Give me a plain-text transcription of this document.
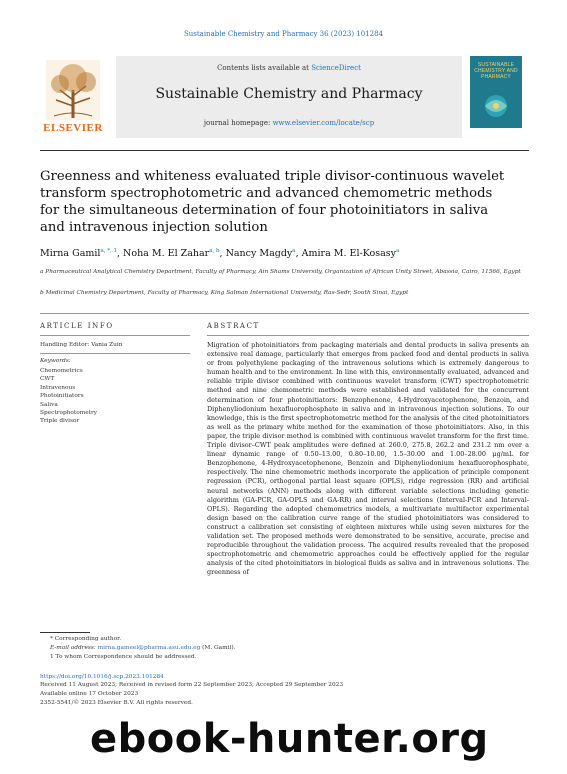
Sustainable Chemistry and Pharmacy 36 (2023) 101284
ELSEVIER
Contents lists available at ScienceDirect
Sustainable Chemistry and Pharmacy
journal homepage: www.elsevier.com/locate/scp
SUSTAINABLE CHEMISTRY AND PHARMACY
Greenness and whiteness evaluated triple divisor-continuous wavelet transform spectrophotometric and advanced chemometric methods for the simultaneous determination of four photoinitiators in saliva and intravenous injection solution
Mirna Gamil$^{a, *, 1}$, Noha M. El Zahar$^{a, b}$, Nancy Magdy$^a$, Amira M. El-Kosasy$^a$
a Pharmaceutical Analytical Chemistry Department, Faculty of Pharmacy, Ain Shams University, Organization of African Unity Street, Abassia, Cairo, 11566, Egypt
b Medicinal Chemistry Department, Faculty of Pharmacy, King Salman International University, Ras-Sedr, South Sinai, Egypt
ARTICLE INFO
Handling Editor: Vania Zuin
Keywords:
Chemometrics
CWT
Intravenous
Photoinitiators
Saliva
Spectrophotometry
Triple divisor
ABSTRACT

Migration of photoinitiators from packaging materials and dental products in saliva presents an extensive real damage, particularly that emerges from packed food and dental products in saliva or from polyethylene packaging of the intravenous solutions which is extremely dangerous to human health and to the environment. In line with this, environmentally evaluated, advanced and reliable triple divisor combined with continuous wavelet transform (CWT) spectrophotometric method and nine chemometric methods were established and validated for the concurrent determination of four photoinitiators: Benzophenone, 4-Hydroxyacetophenone, Benzoin, and Diphenyliodonium hexafluorophosphate in saliva and in intravenous injection solutions. To our knowledge, this is the first spectrophotometric method for the analysis of the cited photoinitiators as well as the primary white method for the examination of those photoinitiators. Also, in this paper, the triple divisor method is combined with continuous wavelet transform for the first time. Triple divisor–CWT peak amplitudes were defined at 260.0, 275.8, 262.2 and 231.2 nm over a linear dynamic range of 0.50–13.00, 0.80–10.00, 1.5–30.00 and 1.00–28.00 μg/mL for Benzophenone, 4-Hydroxyacetophenone, Benzoin and Diphenyliodonium hexafluorophosphate, respectively. The nine chemometric methods incorporate the application of principle component regression (PCR), orthogonal partial least square (OPLS), ridge regression (RR) and artificial neural networks (ANN) methods along with different variable selections including genetic algorithm (GA-PCR, GA-OPLS and GA-RR) and interval selections (Interval-PCR and Interval-OPLS). Regarding the adopted chemometrics models, a multivariate multifactor experimental design based on the calibration curve range of the studied photoinitiators was considered to construct a calibration set consisting of eighteen mixtures while using seven mixtures for the validation set. The proposed methods were demonstrated to be sensitive, accurate, precise and reproducible throughout the validation process. The acquired results revealed that the proposed spectrophotometric and chemometric approaches could be effectively applied for the regular analysis of the cited photoinitiators in biological fluids as saliva and in intravenous solutions. The greenness of

* Corresponding author.
E-mail address: mirna.gameel@pharma.asu.edu.eg (M. Gamil).
1 To whom Correspondence should be addressed.
https://doi.org/10.1016/j.scp.2023.101284
Received 11 August 2023; Received in revised form 22 September 2023; Accepted 29 September 2023
Available online 17 October 2023
2352-5541/© 2023 Elsevier B.V. All rights reserved.
ebook-hunter.org
